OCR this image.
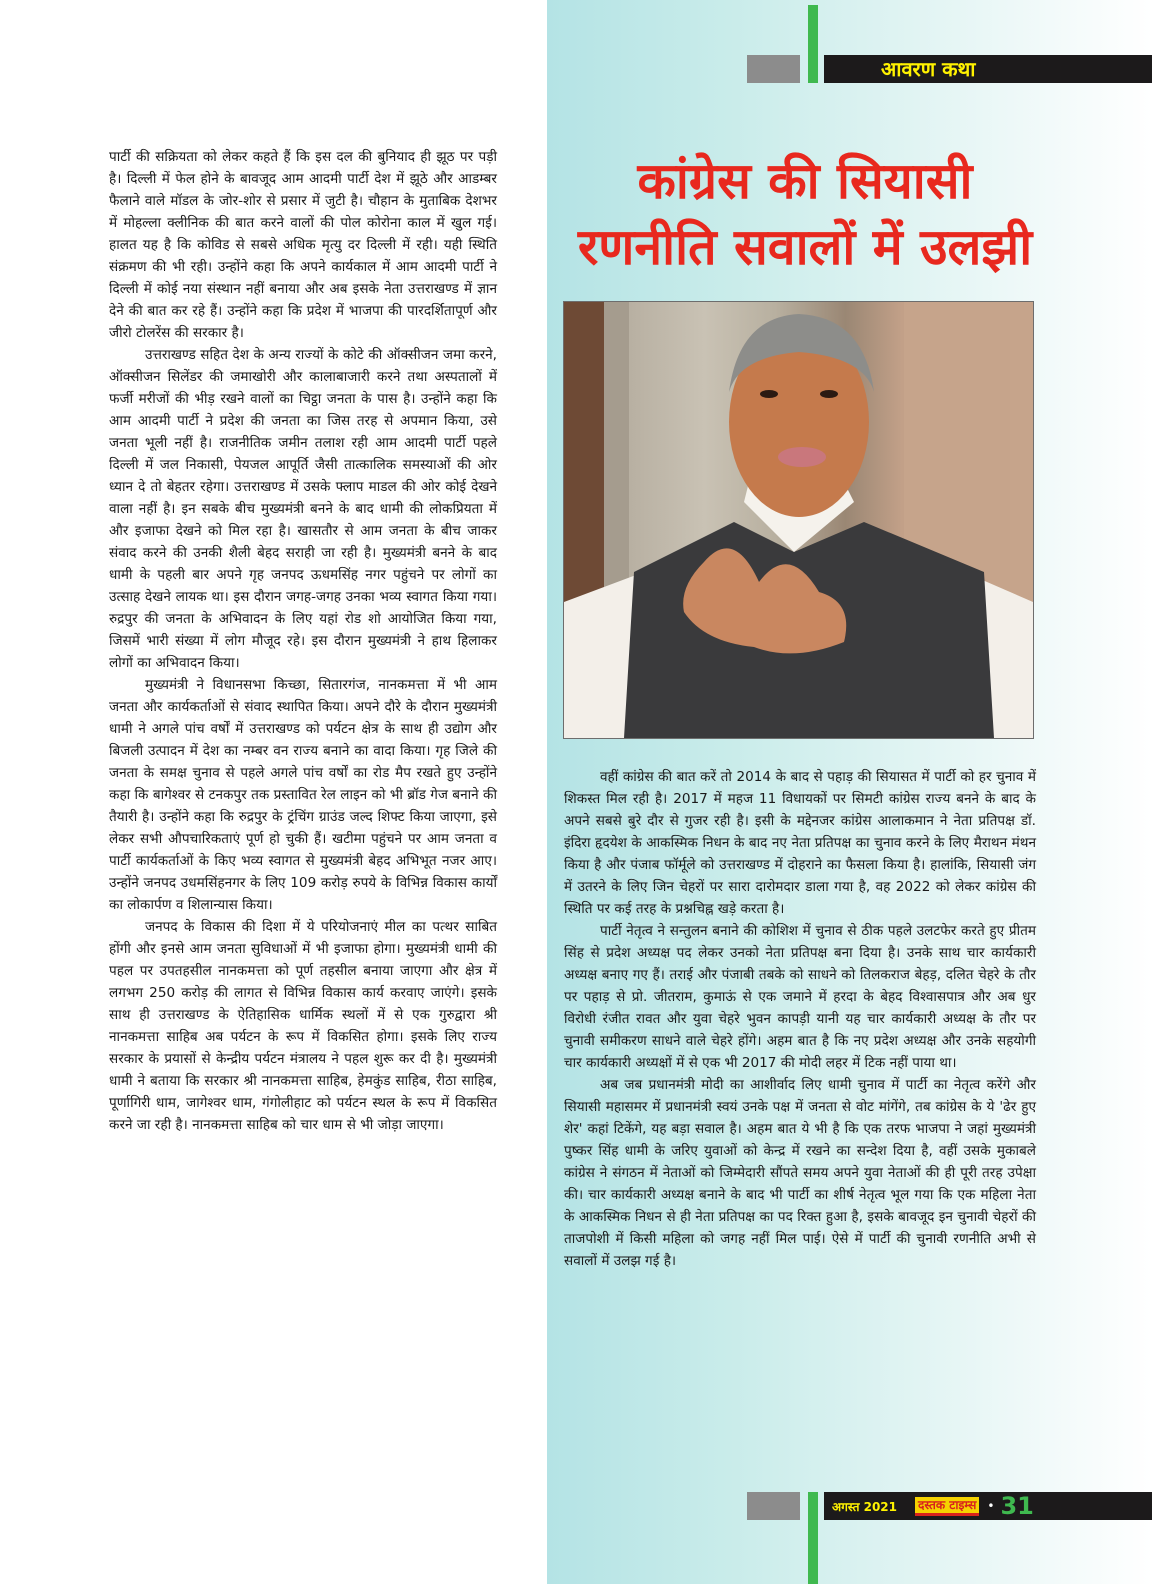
आवरण कथा
कांग्रेस की सियासी
रणनीति सवालों में उलझी

पार्टी की सक्रियता को लेकर कहते हैं कि इस दल की बुनियाद ही झूठ पर पड़ी है। दिल्ली में फेल होने के बावजूद आम आदमी पार्टी देश में झूठे और आडम्बर फैलाने वाले मॉडल के जोर-शोर से प्रसार में जुटी है। चौहान के मुताबिक देशभर में मोहल्ला क्लीनिक की बात करने वालों की पोल कोरोना काल में खुल गई। हालत यह है कि कोविड से सबसे अधिक मृत्यु दर दिल्ली में रही। यही स्थिति संक्रमण की भी रही। उन्होंने कहा कि अपने कार्यकाल में आम आदमी पार्टी ने दिल्ली में कोई नया संस्थान नहीं बनाया और अब इसके नेता उत्तराखण्ड में ज्ञान देने की बात कर रहे हैं। उन्होंने कहा कि प्रदेश में भाजपा की पारदर्शितापूर्ण और जीरो टोलरेंस की सरकार है।

उत्तराखण्ड सहित देश के अन्य राज्यों के कोटे की ऑक्सीजन जमा करने, ऑक्सीजन सिलेंडर की जमाखोरी और कालाबाजारी करने तथा अस्पतालों में फर्जी मरीजों की भीड़ रखने वालों का चिट्ठा जनता के पास है। उन्होंने कहा कि आम आदमी पार्टी ने प्रदेश की जनता का जिस तरह से अपमान किया, उसे जनता भूली नहीं है। राजनीतिक जमीन तलाश रही आम आदमी पार्टी पहले दिल्ली में जल निकासी, पेयजल आपूर्ति जैसी तात्कालिक समस्याओं की ओर ध्यान दे तो बेहतर रहेगा। उत्तराखण्ड में उसके फ्लाप माडल की ओर कोई देखने वाला नहीं है। इन सबके बीच मुख्यमंत्री बनने के बाद धामी की लोकप्रियता में और इजाफा देखने को मिल रहा है। खासतौर से आम जनता के बीच जाकर संवाद करने की उनकी शैली बेहद सराही जा रही है। मुख्यमंत्री बनने के बाद धामी के पहली बार अपने गृह जनपद ऊधमसिंह नगर पहुंचने पर लोगों का उत्साह देखने लायक था। इस दौरान जगह-जगह उनका भव्य स्वागत किया गया। रुद्रपुर की जनता के अभिवादन के लिए यहां रोड शो आयोजित किया गया, जिसमें भारी संख्या में लोग मौजूद रहे। इस दौरान मुख्यमंत्री ने हाथ हिलाकर लोगों का अभिवादन किया।

मुख्यमंत्री ने विधानसभा किच्छा, सितारगंज, नानकमत्ता में भी आम जनता और कार्यकर्ताओं से संवाद स्थापित किया। अपने दौरे के दौरान मुख्यमंत्री धामी ने अगले पांच वर्षों में उत्तराखण्ड को पर्यटन क्षेत्र के साथ ही उद्योग और बिजली उत्पादन में देश का नम्बर वन राज्य बनाने का वादा किया। गृह जिले की जनता के समक्ष चुनाव से पहले अगले पांच वर्षों का रोड मैप रखते हुए उन्होंने कहा कि बागेश्वर से टनकपुर तक प्रस्तावित रेल लाइन को भी ब्रॉड गेज बनाने की तैयारी है। उन्होंने कहा कि रुद्रपुर के ट्रंचिंग ग्राउंड जल्द शिफ्ट किया जाएगा, इसे लेकर सभी औपचारिकताएं पूर्ण हो चुकी हैं। खटीमा पहुंचने पर आम जनता व पार्टी कार्यकर्ताओं के किए भव्य स्वागत से मुख्यमंत्री बेहद अभिभूत नजर आए। उन्होंने जनपद उधमसिंहनगर के लिए 109 करोड़ रुपये के विभिन्न विकास कार्यों का लोकार्पण व शिलान्यास किया।

जनपद के विकास की दिशा में ये परियोजनाएं मील का पत्थर साबित होंगी और इनसे आम जनता सुविधाओं में भी इजाफा होगा। मुख्यमंत्री धामी की पहल पर उपतहसील नानकमत्ता को पूर्ण तहसील बनाया जाएगा और क्षेत्र में लगभग 250 करोड़ की लागत से विभिन्न विकास कार्य करवाए जाएंगे। इसके साथ ही उत्तराखण्ड के ऐतिहासिक धार्मिक स्थलों में से एक गुरुद्वारा श्री नानकमत्ता साहिब अब पर्यटन के रूप में विकसित होगा। इसके लिए राज्य सरकार के प्रयासों से केन्द्रीय पर्यटन मंत्रालय ने पहल शुरू कर दी है। मुख्यमंत्री धामी ने बताया कि सरकार श्री नानकमत्ता साहिब, हेमकुंड साहिब, रीठा साहिब, पूर्णागिरी धाम, जागेश्वर धाम, गंगोलीहाट को पर्यटन स्थल के रूप में विकसित करने जा रही है। नानकमत्ता साहिब को चार धाम से भी जोड़ा जाएगा।

वहीं कांग्रेस की बात करें तो 2014 के बाद से पहाड़ की सियासत में पार्टी को हर चुनाव में शिकस्त मिल रही है। 2017 में महज 11 विधायकों पर सिमटी कांग्रेस राज्य बनने के बाद के अपने सबसे बुरे दौर से गुजर रही है। इसी के मद्देनजर कांग्रेस आलाकमान ने नेता प्रतिपक्ष डॉ. इंदिरा हृदयेश के आकस्मिक निधन के बाद नए नेता प्रतिपक्ष का चुनाव करने के लिए मैराथन मंथन किया है और पंजाब फॉर्मूले को उत्तराखण्ड में दोहराने का फैसला किया है। हालांकि, सियासी जंग में उतरने के लिए जिन चेहरों पर सारा दारोमदार डाला गया है, वह 2022 को लेकर कांग्रेस की स्थिति पर कई तरह के प्रश्नचिह्न खड़े करता है।

पार्टी नेतृत्व ने सन्तुलन बनाने की कोशिश में चुनाव से ठीक पहले उलटफेर करते हुए प्रीतम सिंह से प्रदेश अध्यक्ष पद लेकर उनको नेता प्रतिपक्ष बना दिया है। उनके साथ चार कार्यकारी अध्यक्ष बनाए गए हैं। तराई और पंजाबी तबके को साधने को तिलकराज बेहड़, दलित चेहरे के तौर पर पहाड़ से प्रो. जीतराम, कुमाऊं से एक जमाने में हरदा के बेहद विश्वासपात्र और अब धुर विरोधी रंजीत रावत और युवा चेहरे भुवन कापड़ी यानी यह चार कार्यकारी अध्यक्ष के तौर पर चुनावी समीकरण साधने वाले चेहरे होंगे। अहम बात है कि नए प्रदेश अध्यक्ष और उनके सहयोगी चार कार्यकारी अध्यक्षों में से एक भी 2017 की मोदी लहर में टिक नहीं पाया था।

अब जब प्रधानमंत्री मोदी का आशीर्वाद लिए धामी चुनाव में पार्टी का नेतृत्व करेंगे और सियासी महासमर में प्रधानमंत्री स्वयं उनके पक्ष में जनता से वोट मांगेंगे, तब कांग्रेस के ये 'ढेर हुए शेर' कहां टिकेंगे, यह बड़ा सवाल है। अहम बात ये भी है कि एक तरफ भाजपा ने जहां मुख्यमंत्री पुष्कर सिंह धामी के जरिए युवाओं को केन्द्र में रखने का सन्देश दिया है, वहीं उसके मुकाबले कांग्रेस ने संगठन में नेताओं को जिम्मेदारी सौंपते समय अपने युवा नेताओं की ही पूरी तरह उपेक्षा की। चार कार्यकारी अध्यक्ष बनाने के बाद भी पार्टी का शीर्ष नेतृत्व भूल गया कि एक महिला नेता के आकस्मिक निधन से ही नेता प्रतिपक्ष का पद रिक्त हुआ है, इसके बावजूद इन चुनावी चेहरों की ताजपोशी में किसी महिला को जगह नहीं मिल पाई। ऐसे में पार्टी की चुनावी रणनीति अभी से सवालों में उलझ गई है।

अगस्त 2021 दस्तक टाइम्स • 31
